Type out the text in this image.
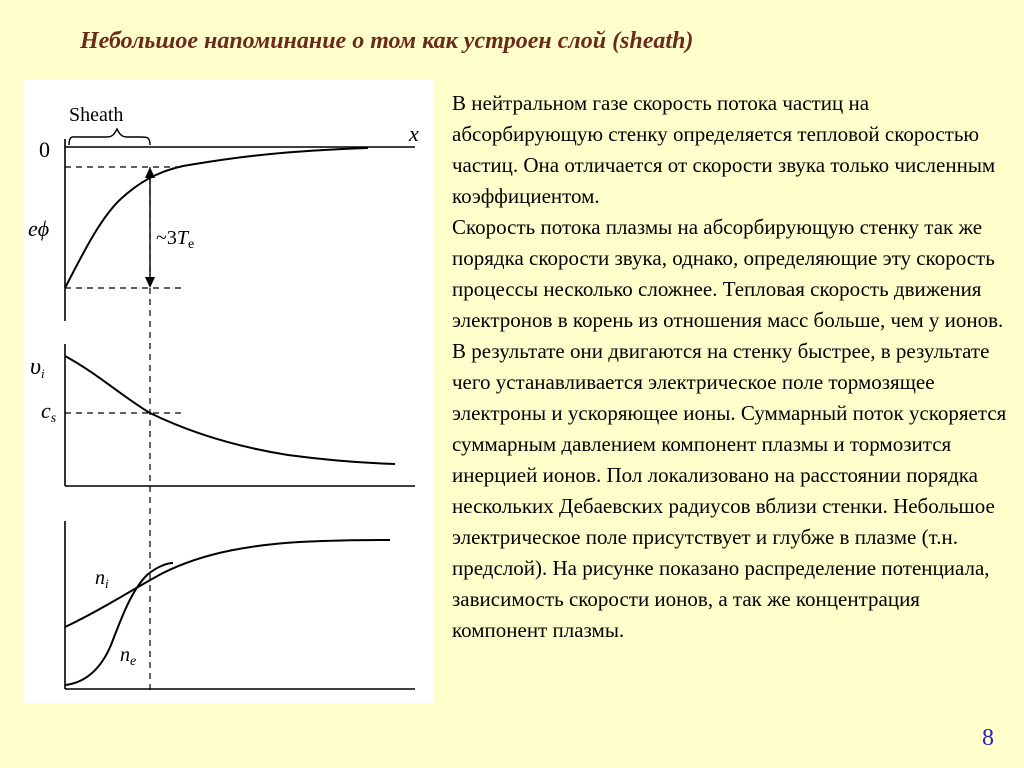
Небольшое напоминание о том как устроен слой (sheath)
Sheath
0
x
eϕ	$\sim 3T_e$
υi
cs
$n_i$
$n_e$

В нейтральном газе скорость потока частиц на абсорбирующую стенку определяется тепловой скоростью частиц. Она отличается от скорости звука только численным коэффициентом.
Скорость потока плазмы на абсорбирующую стенку так же порядка скорости звука, однако, определяющие эту скорость процессы несколько сложнее. Тепловая скорость движения электронов в корень из отношения масс больше, чем у ионов. В результате они двигаются на стенку быстрее, в результате чего устанавливается электрическое поле тормозящее электроны и ускоряющее ионы. Суммарный поток ускоряется суммарным давлением компонент плазмы и тормозится инерцией ионов. Пол локализовано на расстоянии порядка нескольких Дебаевских радиусов вблизи стенки. Небольшое электрическое поле присутствует и глубже в плазме (т.н. предслой). На рисунке показано распределение потенциала, зависимость скорости ионов, а так же концентрация компонент плазмы.

8
